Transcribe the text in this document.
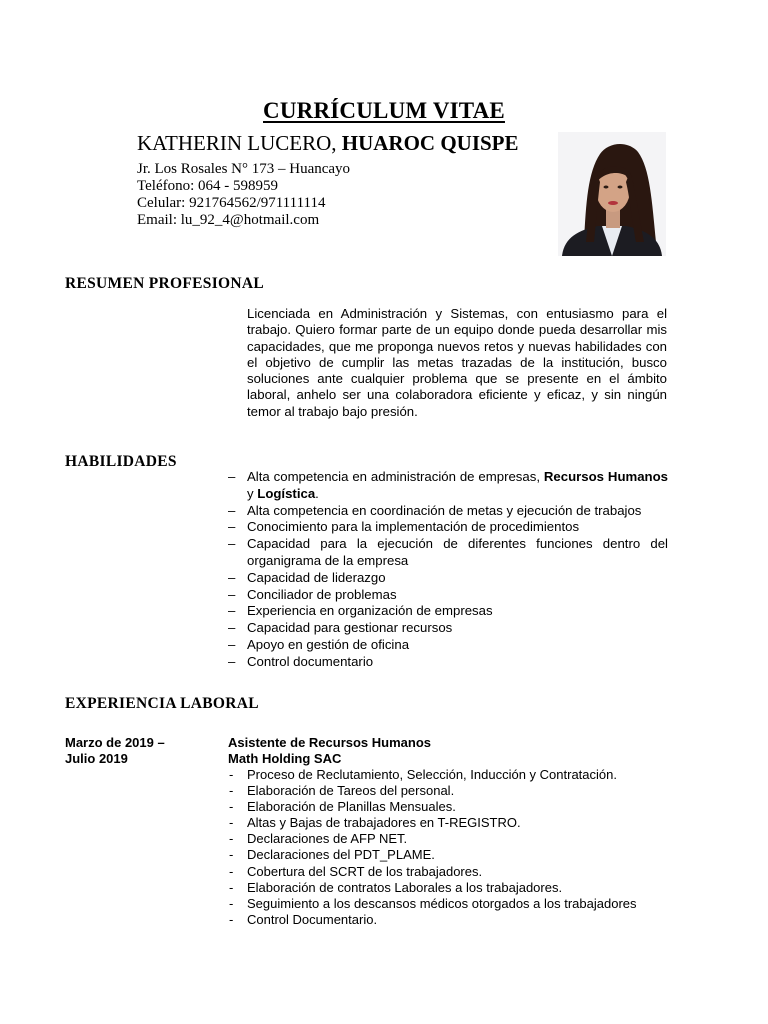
CURRÍCULUM VITAE
KATHERIN LUCERO, HUAROC QUISPE
Jr. Los Rosales N° 173 – Huancayo
Teléfono: 064 - 598959
Celular: 921764562/971111114
Email: lu_92_4@hotmail.com
RESUMEN PROFESIONAL

Licenciada en Administración y Sistemas, con entusiasmo para el trabajo. Quiero formar parte de un equipo donde pueda desarrollar mis capacidades, que me proponga nuevos retos y nuevas habilidades con el objetivo de cumplir las metas trazadas de la institución, busco soluciones ante cualquier problema que se presente en el ámbito laboral, anhelo ser una colaboradora eficiente y eficaz, y sin ningún temor al trabajo bajo presión.

HABILIDADES
– Alta competencia en administración de empresas, Recursos Humanos y Logística.
– Alta competencia en coordinación de metas y ejecución de trabajos
– Conocimiento para la implementación de procedimientos
– Capacidad para la ejecución de diferentes funciones dentro del organigrama de la empresa
– Capacidad de liderazgo
– Conciliador de problemas
– Experiencia en organización de empresas
– Capacidad para gestionar recursos
– Apoyo en gestión de oficina
– Control documentario
EXPERIENCIA LABORAL
Marzo de 2019 –
Julio 2019
Asistente de Recursos Humanos
Math Holding SAC
- Proceso de Reclutamiento, Selección, Inducción y Contratación.
- Elaboración de Tareos del personal.
- Elaboración de Planillas Mensuales.
- Altas y Bajas de trabajadores en T-REGISTRO.
- Declaraciones de AFP NET.
- Declaraciones del PDT_PLAME.
- Cobertura del SCRT de los trabajadores.
- Elaboración de contratos Laborales a los trabajadores.
- Seguimiento a los descansos médicos otorgados a los trabajadores
- Control Documentario.
